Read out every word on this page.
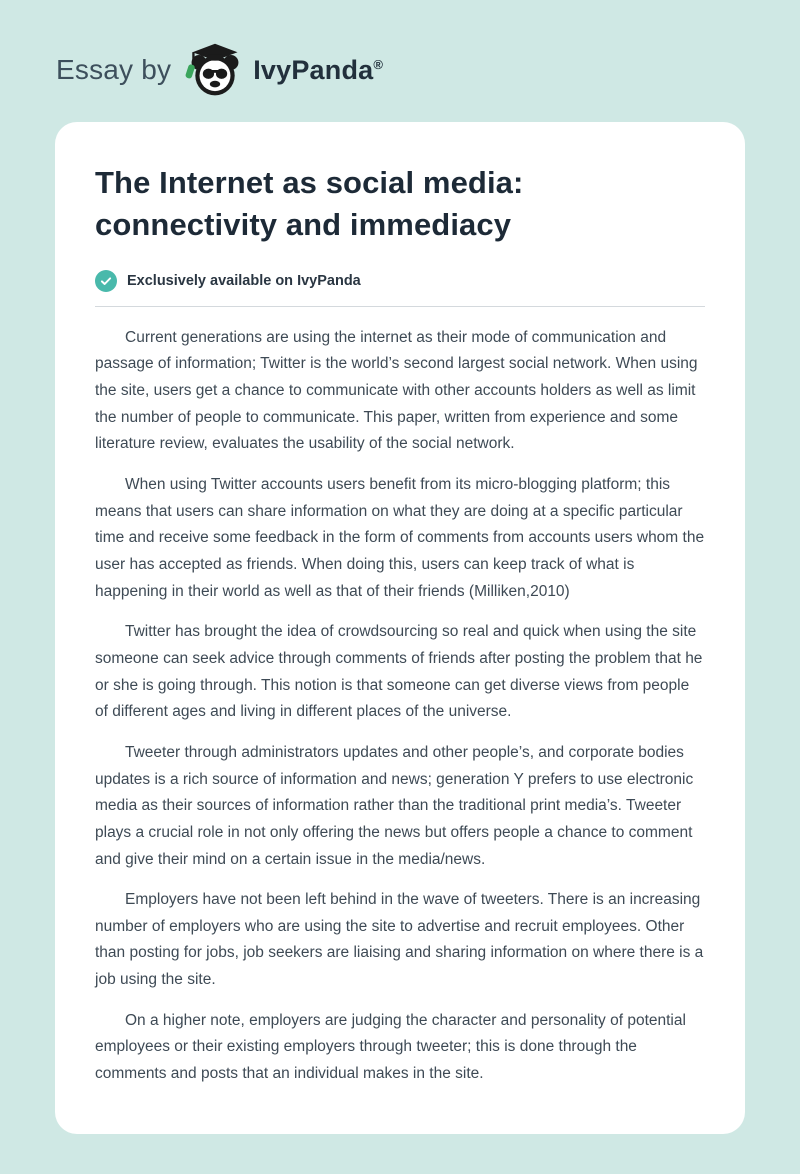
Essay by	IvyPanda®
The Internet as social media: connectivity and immediacy
Exclusively available on IvyPanda

Current generations are using the internet as their mode of communication and passage of information; Twitter is the world’s second largest social network. When using the site, users get a chance to communicate with other accounts holders as well as limit the number of people to communicate. This paper, written from experience and some literature review, evaluates the usability of the social network.

When using Twitter accounts users benefit from its micro-blogging platform; this means that users can share information on what they are doing at a specific particular time and receive some feedback in the form of comments from accounts users whom the user has accepted as friends. When doing this, users can keep track of what is happening in their world as well as that of their friends (Milliken,2010)

Twitter has brought the idea of crowdsourcing so real and quick when using the site someone can seek advice through comments of friends after posting the problem that he or she is going through. This notion is that someone can get diverse views from people of different ages and living in different places of the universe.

Tweeter through administrators updates and other people’s, and corporate bodies updates is a rich source of information and news; generation Y prefers to use electronic media as their sources of information rather than the traditional print media’s. Tweeter plays a crucial role in not only offering the news but offers people a chance to comment and give their mind on a certain issue in the media/news.

Employers have not been left behind in the wave of tweeters. There is an increasing number of employers who are using the site to advertise and recruit employees. Other than posting for jobs, job seekers are liaising and sharing information on where there is a job using the site.

On a higher note, employers are judging the character and personality of potential employees or their existing employers through tweeter; this is done through the comments and posts that an individual makes in the site.
